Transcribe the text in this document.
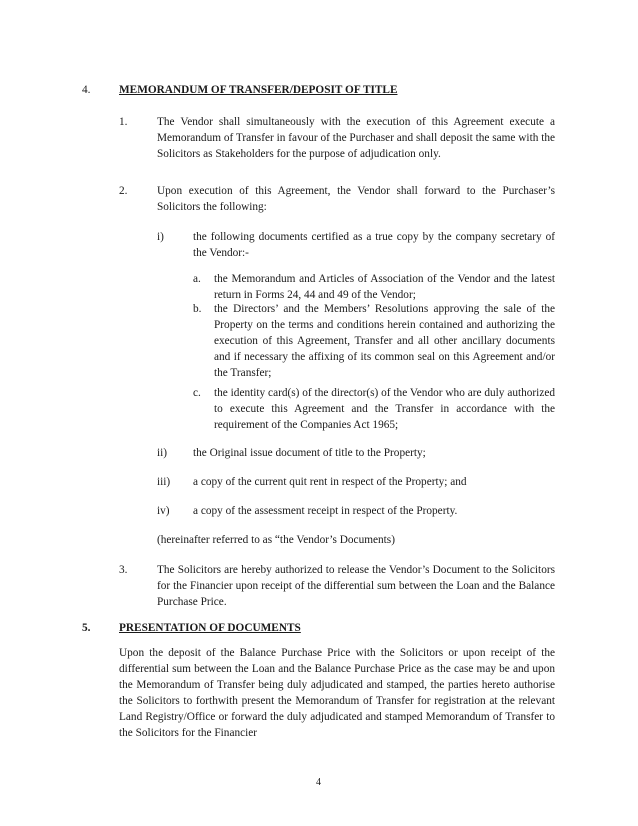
4.	MEMORANDUM OF TRANSFER/DEPOSIT OF TITLE
1.	The Vendor shall simultaneously with the execution of this Agreement execute a Memorandum of Transfer in favour of the Purchaser and shall deposit the same with the Solicitors as Stakeholders for the purpose of adjudication only.
2.	Upon execution of this Agreement, the Vendor shall forward to the Purchaser’s Solicitors the following:
i)	the following documents certified as a true copy by the company secretary of the Vendor:-
a. the Memorandum and Articles of Association of the Vendor and the latest return in Forms 24, 44 and 49 of the Vendor;
b. the Directors’ and the Members’ Resolutions approving the sale of the Property on the terms and conditions herein contained and authorizing the execution of this Agreement, Transfer and all other ancillary documents and if necessary the affixing of its common seal on this Agreement and/or the Transfer;
c. the identity card(s) of the director(s) of the Vendor who are duly authorized to execute this Agreement and the Transfer in accordance with the requirement of the Companies Act 1965;
ii) the Original issue document of title to the Property;
iii) a copy of the current quit rent in respect of the Property; and
iv) a copy of the assessment receipt in respect of the Property.
(hereinafter referred to as “the Vendor’s Documents)
3.	The Solicitors are hereby authorized to release the Vendor’s Document to the Solicitors for the Financier upon receipt of the differential sum between the Loan and the Balance Purchase Price.
5.	PRESENTATION OF DOCUMENTS
Upon the deposit of the Balance Purchase Price with the Solicitors or upon receipt of the differential sum between the Loan and the Balance Purchase Price as the case may be and upon the Memorandum of Transfer being duly adjudicated and stamped, the parties hereto authorise the Solicitors to forthwith present the Memorandum of Transfer for registration at the relevant Land Registry/Office or forward the duly adjudicated and stamped Memorandum of Transfer to the Solicitors for the Financier
4
